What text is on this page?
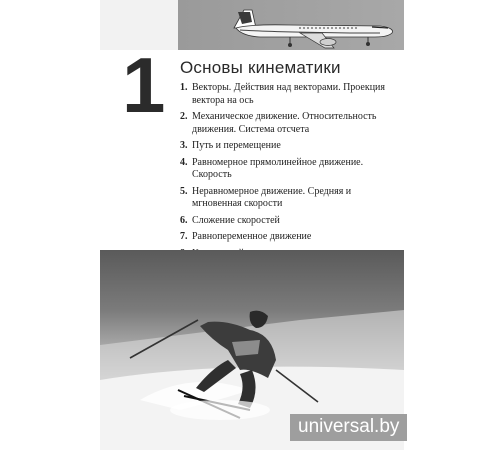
1 Основы кинематики
1. Векторы. Действия над векторами. Проекция вектора на ось
2. Механическое движение. Относительность движения. Система отсчета
3. Путь и перемещение
4. Равномерное прямолинейное движение. Скорость
5. Неравномерное движение. Средняя и мгновенная скорости
6. Сложение скоростей
7. Равнопеременное движение
universal.by
